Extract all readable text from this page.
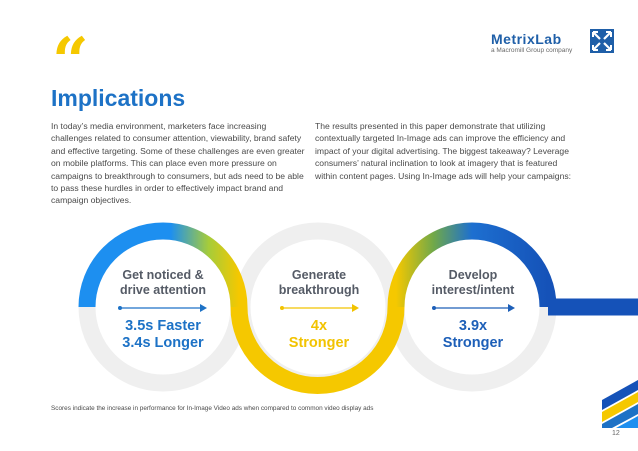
“
Implications
MetrixLab
a Macromill Group company
In today’s media environment, marketers face increasing challenges related to consumer attention, viewability, brand safety and effective targeting. Some of these challenges are even greater on mobile platforms. This can place even more pressure on campaigns to breakthrough to consumers, but ads need to be able to pass these hurdles in order to effectively impact brand and campaign objectives.
The results presented in this paper demonstrate that utilizing contextually targeted In-Image ads can improve the efficiency and impact of your digital advertising. The biggest takeaway? Leverage consumers’ natural inclination to look at imagery that is featured within content pages. Using In-Image ads will help your campaigns:
Get noticed &
drive attention
3.5s Faster
3.4s Longer
Generate
breakthrough
4x
Stronger
Develop
interest/intent
3.9x
Stronger
Scores indicate the increase in performance for In-Image Video ads when compared to common video display ads
12
